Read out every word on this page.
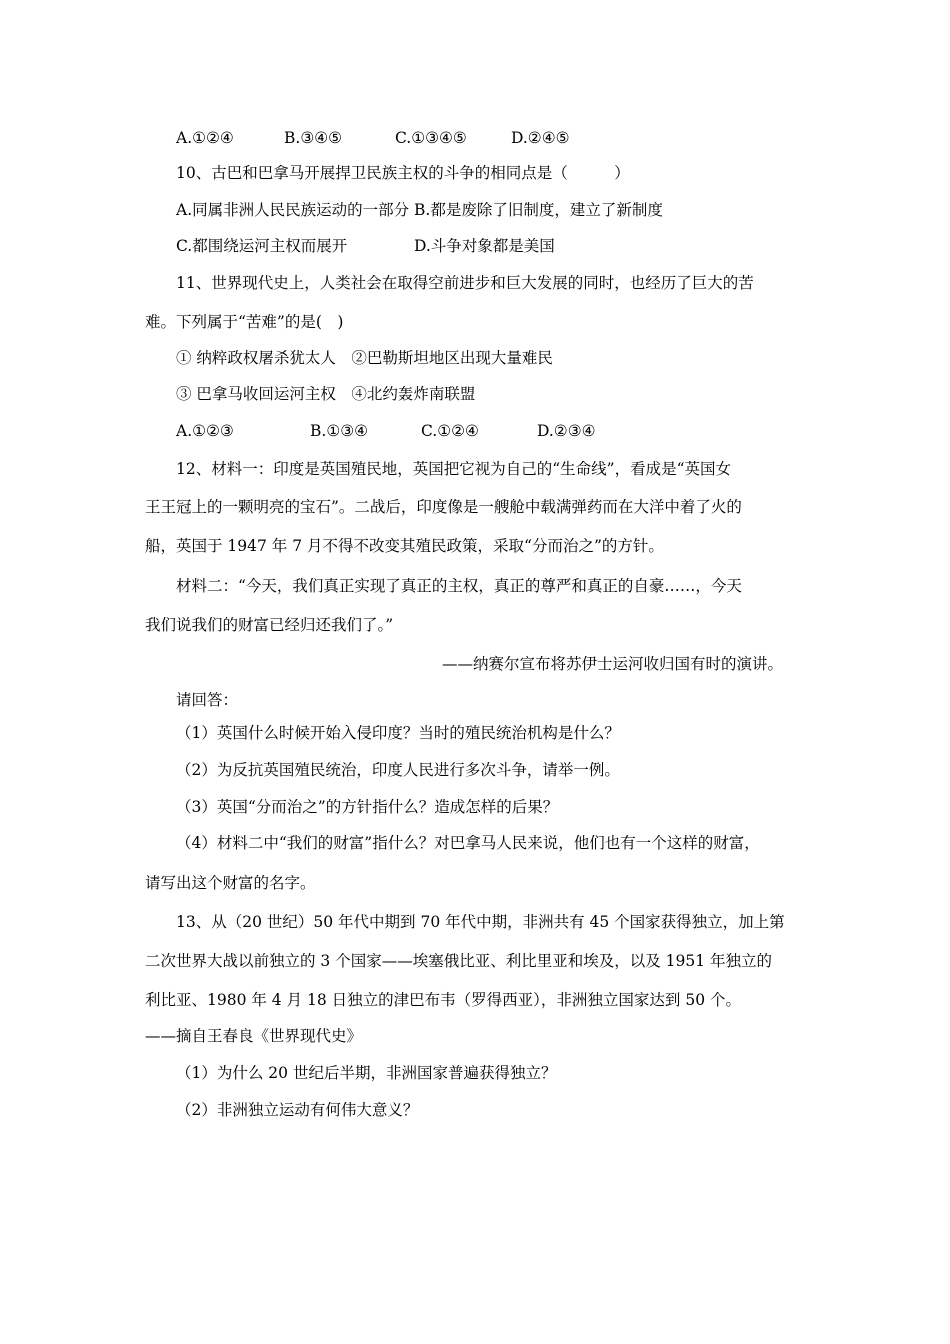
A.①②④	B.③④⑤	C.①③④⑤	D.②④⑤
10、古巴和巴拿马开展捍卫民族主权的斗争的相同点是（　　　）
A.同属非洲人民民族运动的一部分 B.都是废除了旧制度，建立了新制度
C.都围绕运河主权而展开	D.斗争对象都是美国
11、世界现代史上，人类社会在取得空前进步和巨大发展的同时，也经历了巨大的苦
难。下列属于“苦难”的是(　)
① 纳粹政权屠杀犹太人　②巴勒斯坦地区出现大量难民
③ 巴拿马收回运河主权　④北约轰炸南联盟
A.①②③	B.①③④	C.①②④	D.②③④
12、材料一：印度是英国殖民地，英国把它视为自己的“生命线”，看成是“英国女
王王冠上的一颗明亮的宝石”。二战后，印度像是一艘舱中载满弹药而在大洋中着了火的
船，英国于 1947 年 7 月不得不改变其殖民政策，采取“分而治之”的方针。
材料二：“今天，我们真正实现了真正的主权，真正的尊严和真正的自豪……，今天
我们说我们的财富已经归还我们了。”
——纳赛尔宣布将苏伊士运河收归国有时的演讲。
请回答：
（1）英国什么时候开始入侵印度？当时的殖民统治机构是什么？
（2）为反抗英国殖民统治，印度人民进行多次斗争，请举一例。
（3）英国“分而治之”的方针指什么？造成怎样的后果？
（4）材料二中“我们的财富”指什么？对巴拿马人民来说，他们也有一个这样的财富，
请写出这个财富的名字。
13、从（20 世纪）50 年代中期到 70 年代中期，非洲共有 45 个国家获得独立，加上第
二次世界大战以前独立的 3 个国家——埃塞俄比亚、利比里亚和埃及，以及 1951 年独立的
利比亚、1980 年 4 月 18 日独立的津巴布韦（罗得西亚），非洲独立国家达到 50 个。
——摘自王春良《世界现代史》
（1）为什么 20 世纪后半期，非洲国家普遍获得独立？
（2）非洲独立运动有何伟大意义？
